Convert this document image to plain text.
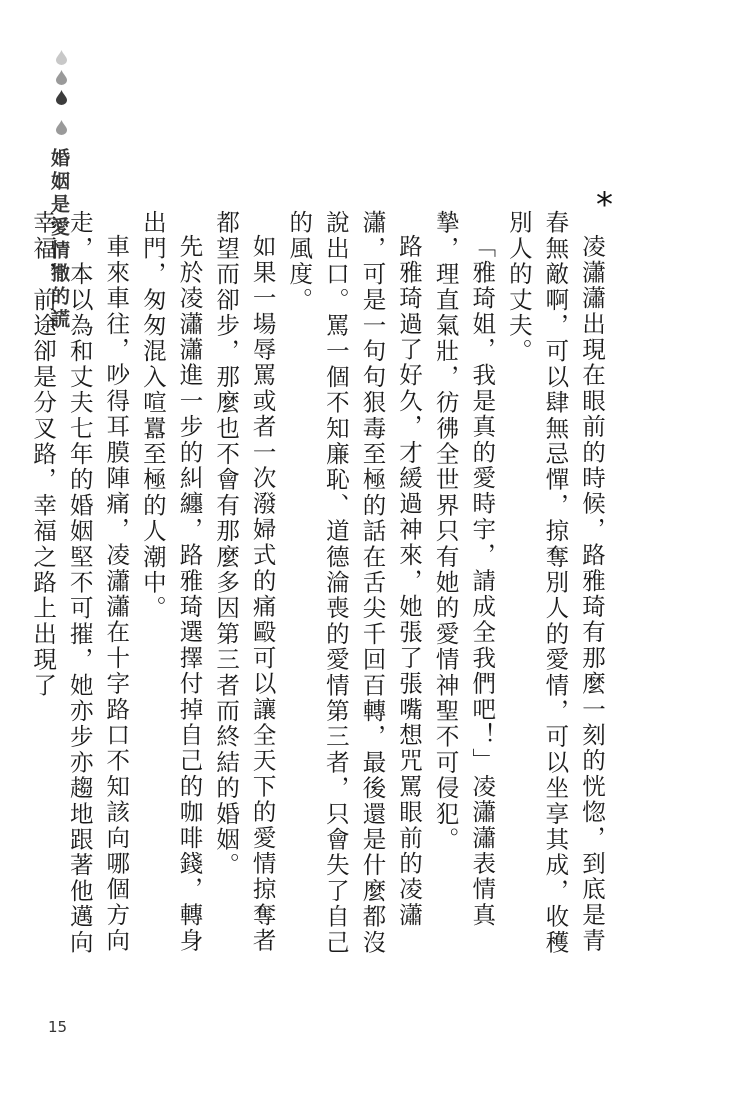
婚姻是愛情撒的謊	*

凌瀟瀟出現在眼前的時候，路雅琦有那麼一刻的恍惚，到底是青春無敵啊，可以肆無忌憚，掠奪別人的愛情，可以坐享其成，收穫別人的丈夫。

「雅琦姐，我是真的愛時宇，請成全我們吧！」凌瀟瀟表情真摯，理直氣壯，彷彿全世界只有她的愛情神聖不可侵犯。

路雅琦過了好久，才緩過神來，她張了張嘴想咒罵眼前的凌瀟瀟，可是一句句狠毒至極的話在舌尖千回百轉，最後還是什麼都沒說出口。罵一個不知廉恥、道德淪喪的愛情第三者，只會失了自己的風度。

如果一場辱罵或者一次潑婦式的痛毆可以讓全天下的愛情掠奪者都望而卻步，那麼也不會有那麼多因第三者而終結的婚姻。

先於凌瀟瀟進一步的糾纏，路雅琦選擇付掉自己的咖啡錢，轉身出門，匆匆混入喧囂至極的人潮中。

車來車往，吵得耳膜陣痛，凌瀟瀟在十字路口不知該向哪個方向走，本以為和丈夫七年的婚姻堅不可摧，她亦步亦趨地跟著他邁向幸福，前途卻是分叉路，幸福之路上出現了

15
